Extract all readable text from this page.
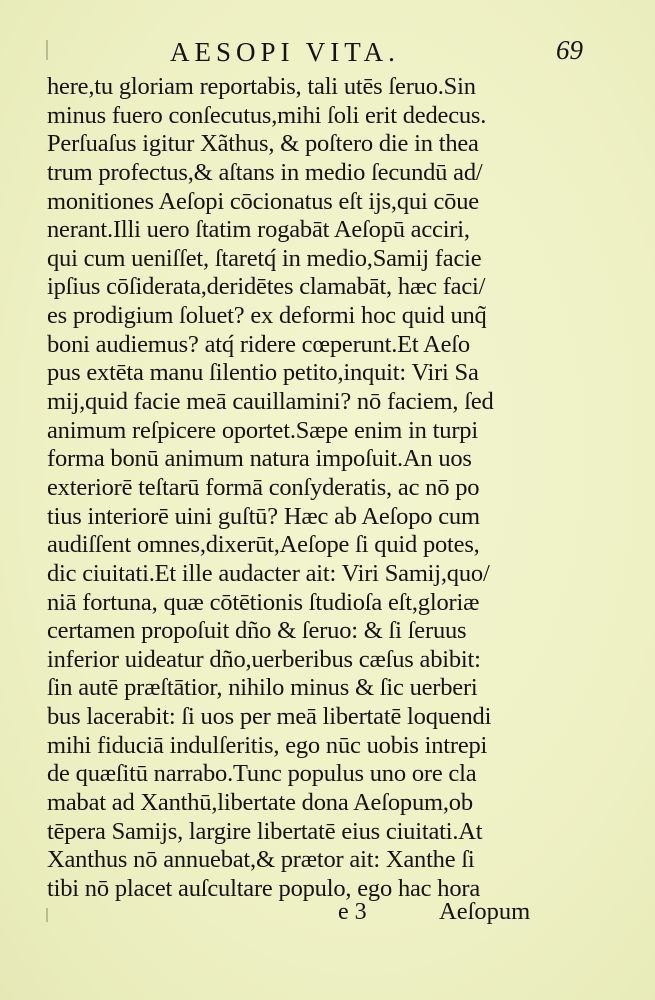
AESOPI VITA.	69
here,tu gloriam reportabis, tali utēs ſeruo.Sin
minus fuero conſecutus,mihi ſoli erit dedecus.
Perſuaſus igitur Xãthus, & poſtero die in thea
trum profectus,& aſtans in medio ſecundū ad/
monitiones Aeſopi cōcionatus eſt ijs,qui cōue
nerant.Illi uero ſtatim rogabāt Aeſopū acciri,
qui cum ueniſſet, ſtaretq́ in medio,Samij facie
ipſius cōſiderata,deridētes clamabāt, hæc faci/
es prodigium ſoluet? ex deformi hoc quid unq̃
boni audiemus? atq́ ridere cœperunt.Et Aeſo
pus extēta manu ſilentio petito,inquit: Viri Sa
mij,quid facie meā cauillamini? nō faciem, ſed
animum reſpicere oportet.Sæpe enim in turpi
forma bonū animum natura impoſuit.An uos
exteriorē teſtarū formā conſyderatis, ac nō po
tius interiorē uini guſtū? Hæc ab Aeſopo cum
audiſſent omnes,dixerūt,Aeſope ſi quid potes,
dic ciuitati.Et ille audacter ait: Viri Samij,quo/
niā fortuna, quæ cōtētionis ſtudioſa eſt,gloriæ
certamen propoſuit dño & ſeruo: & ſi ſeruus
inferior uideatur dño,uerberibus cæſus abibit:
ſin autē præſtātior, nihilo minus & ſic uerberi
bus lacerabit: ſi uos per meā libertatē loquendi
mihi fiduciā indulſeritis, ego nūc uobis intrepi
de quæſitū narrabo.Tunc populus uno ore cla
mabat ad Xanthū,libertate dona Aeſopum,ob
tēpera Samijs, largire libertatē eius ciuitati.At
Xanthus nō annuebat,& prætor ait: Xanthe ſi
tibi nō placet auſcultare populo, ego hac hora
e 3	Aeſopum
